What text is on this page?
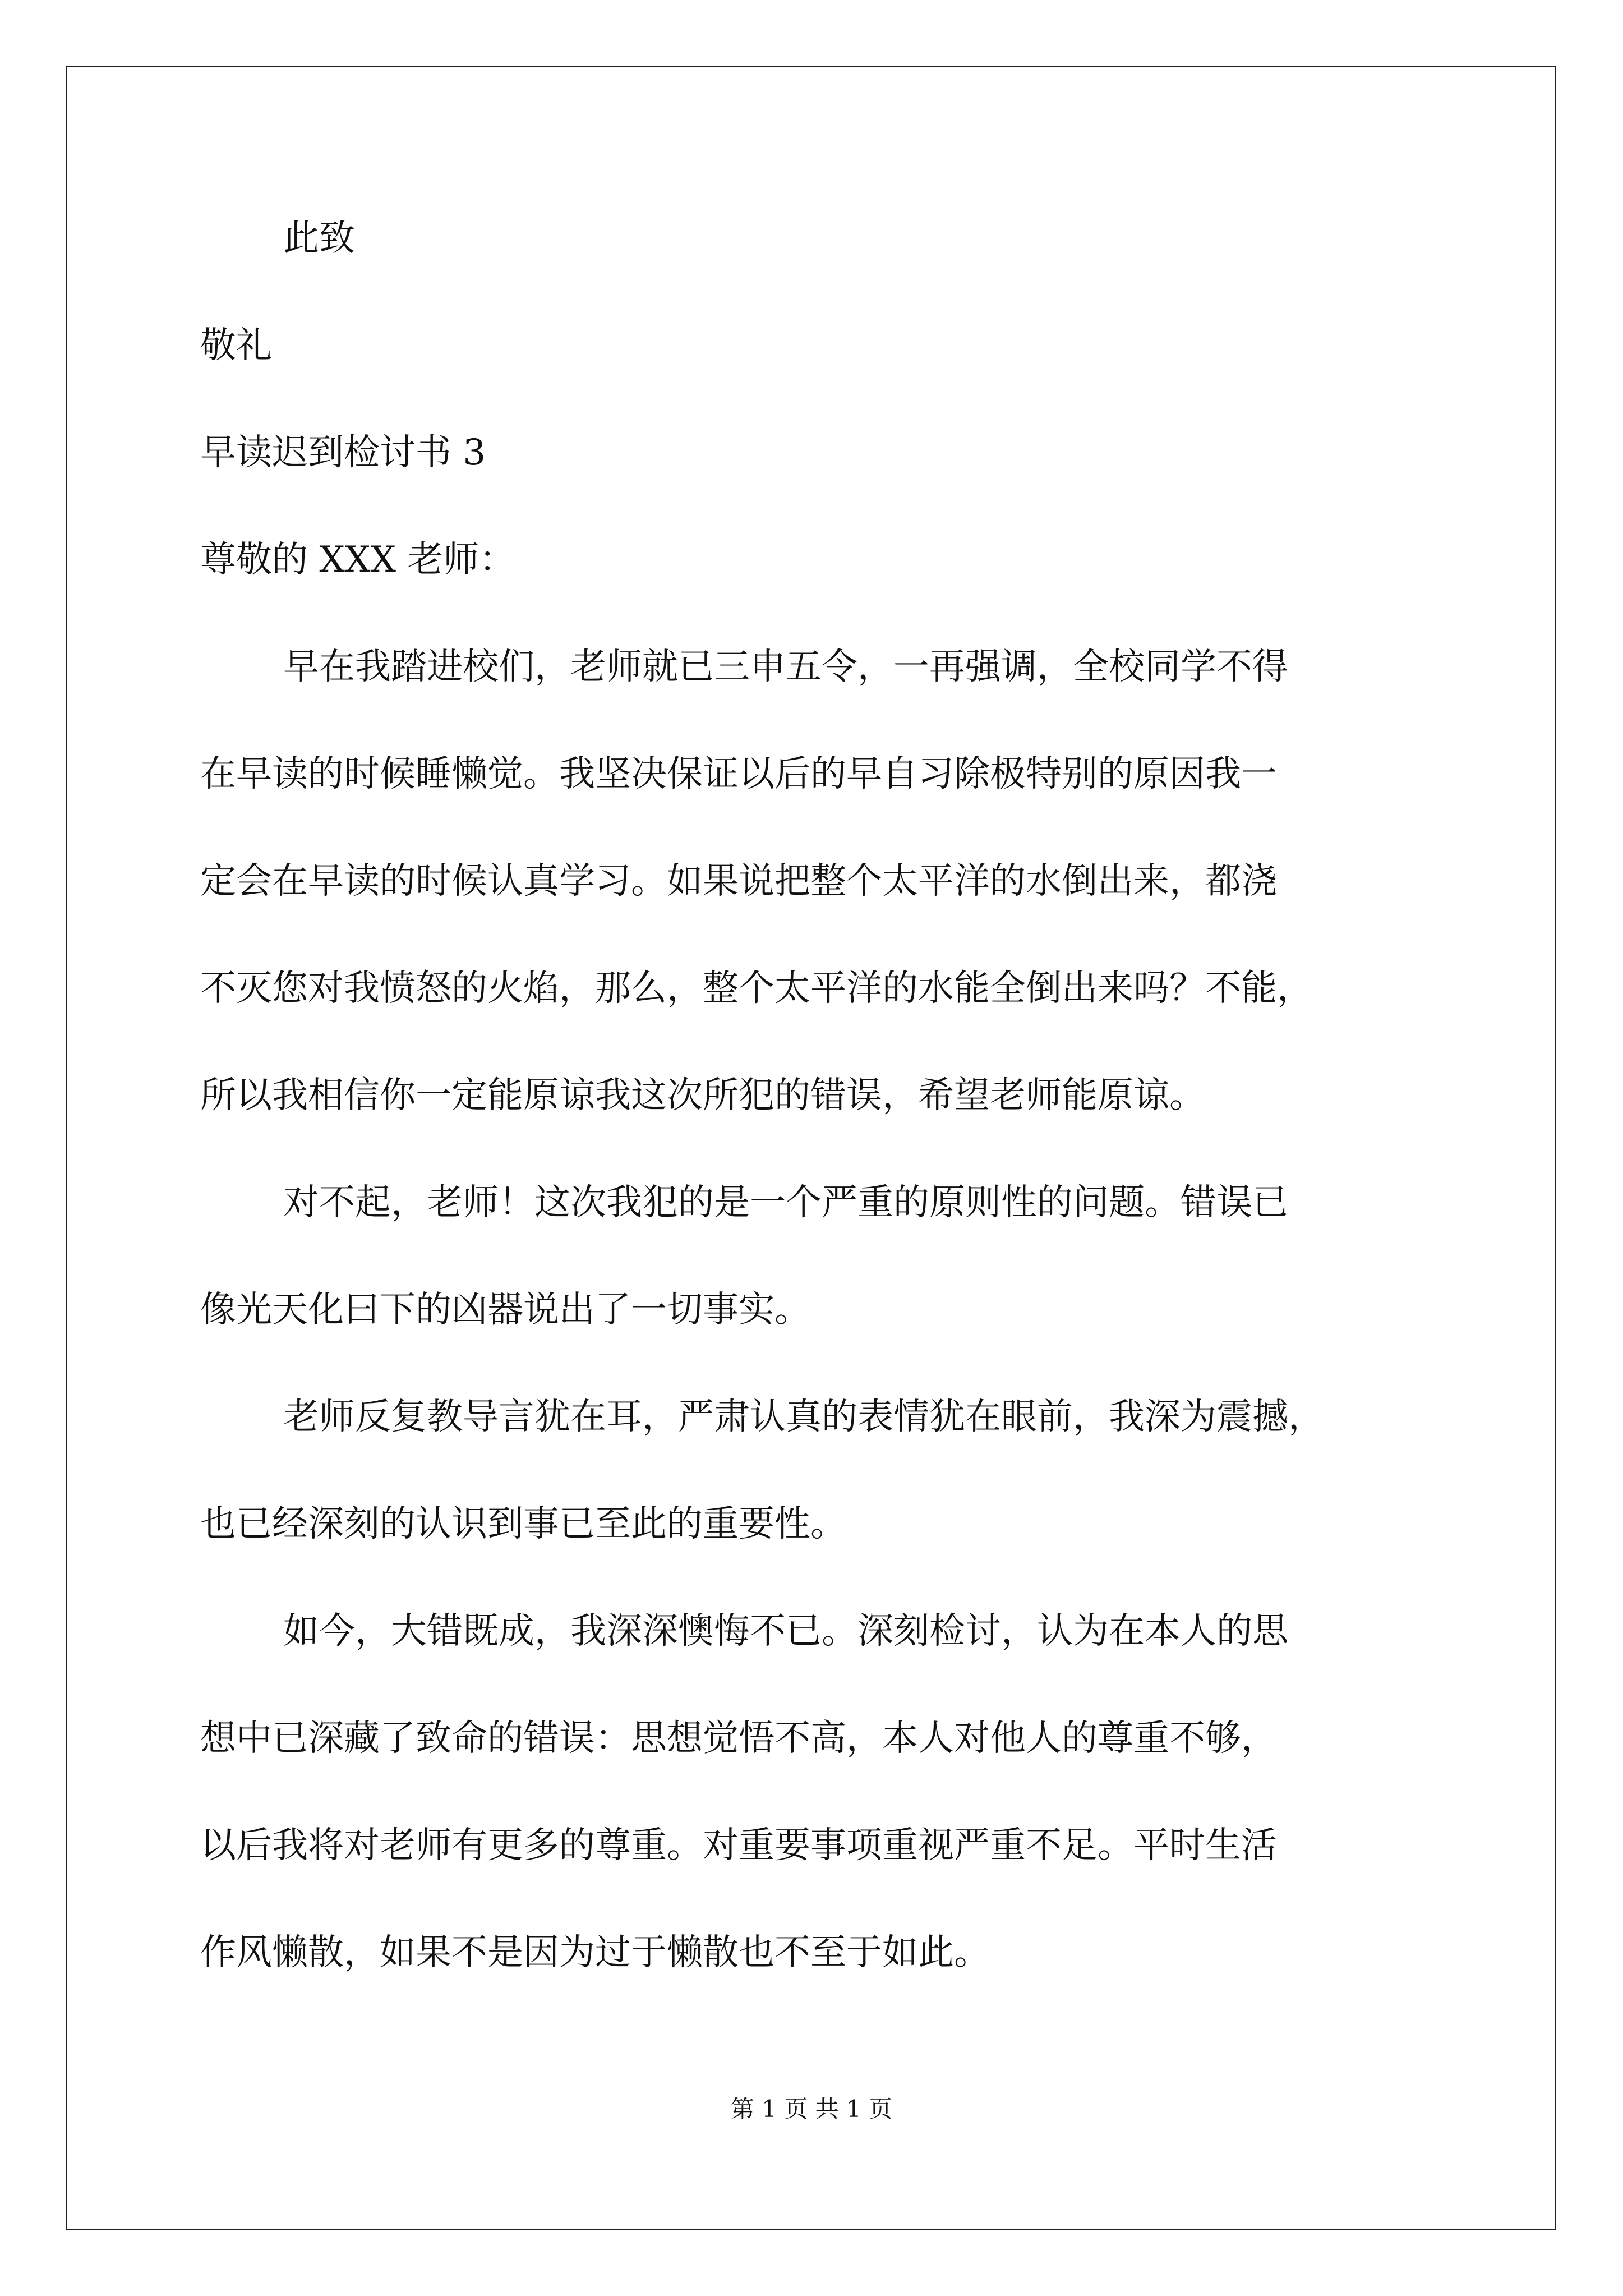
此致

敬礼

早读迟到检讨书 3

尊敬的 XXX 老师：

早在我踏进校们，老师就已三申五令，一再强调，全校同学不得

在早读的时候睡懒觉。我坚决保证以后的早自习除极特别的原因我一

定会在早读的时候认真学习。如果说把整个太平洋的水倒出来，都浇

不灭您对我愤怒的火焰，那么，整个太平洋的水能全倒出来吗？不能，

所以我相信你一定能原谅我这次所犯的错误，希望老师能原谅。

对不起，老师！这次我犯的是一个严重的原则性的问题。错误已

像光天化曰下的凶器说出了一切事实。

老师反复教导言犹在耳，严肃认真的表情犹在眼前，我深为震撼，

也已经深刻的认识到事已至此的重要性。

如今，大错既成，我深深懊悔不已。深刻检讨，认为在本人的思

想中已深藏了致命的错误：思想觉悟不高，本人对他人的尊重不够，

以后我将对老师有更多的尊重。对重要事项重视严重不足。平时生活

作风懒散，如果不是因为过于懒散也不至于如此。

第 1 页 共 1 页
